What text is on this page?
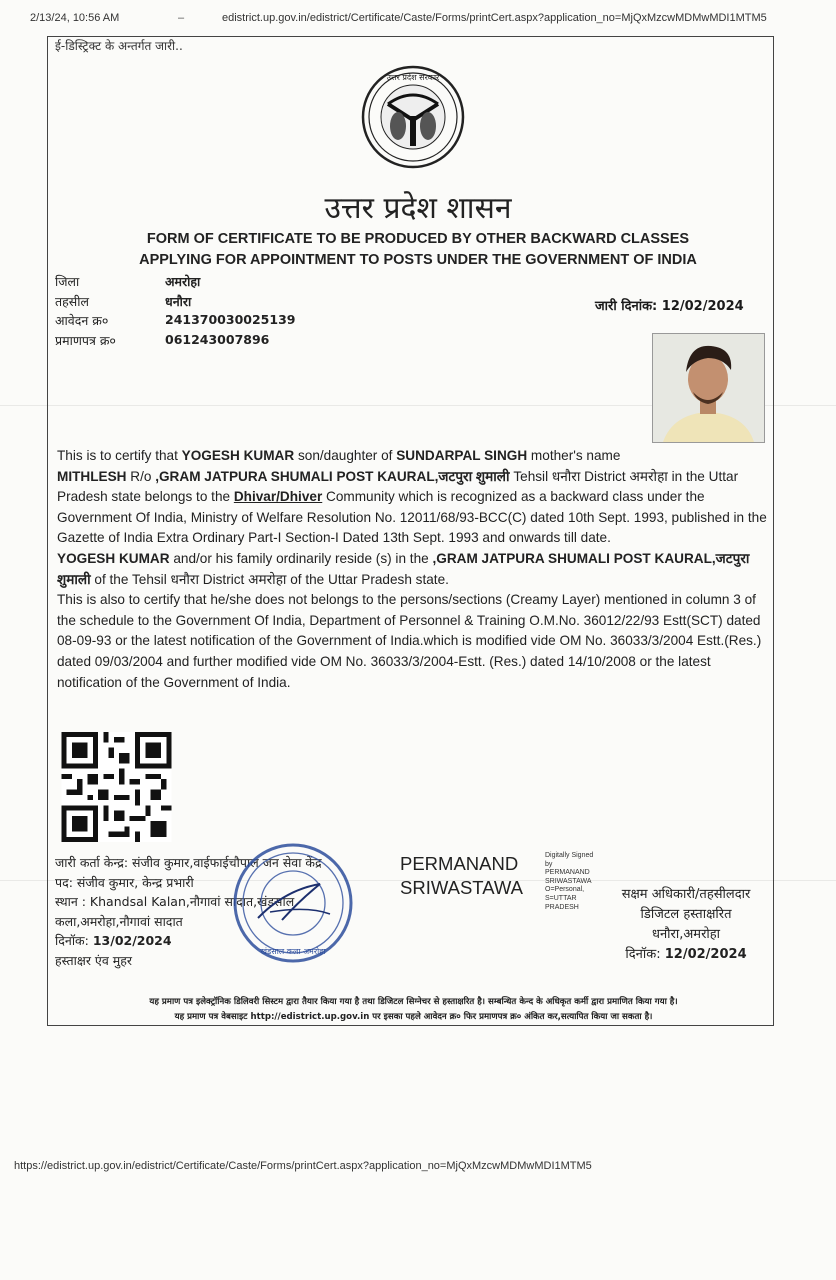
2/13/24, 10:56 AM	–	edistrict.up.gov.in/edistrict/Certificate/Caste/Forms/printCert.aspx?application_no=MjQxMzcwMDMwMDI1MTM5
ई-डिस्ट्रिक्ट के अन्तर्गत जारी..
उत्तर प्रदेश सरकार
उत्तर प्रदेश शासन
FORM OF CERTIFICATE TO BE PRODUCED BY OTHER BACKWARD CLASSES
APPLYING FOR APPOINTMENT TO POSTS UNDER THE GOVERNMENT OF INDIA
जिला	अमरोहा
तहसील	धनौरा
आवेदन क्र०	241370030025139
प्रमाणपत्र क्र०	061243007896
जारी दिनांक: 12/02/2024
This is to certify that YOGESH KUMAR son/daughter of SUNDARPAL SINGH mother's name
MITHLESH R/o ,GRAM JATPURA SHUMALI POST KAURAL,जटपुरा शुमाली Tehsil धनौरा District अमरोहा in the Uttar Pradesh state belongs to the Dhivar/Dhiver Community which is recognized as a backward class under the Government Of India, Ministry of Welfare Resolution No. 12011/68/93-BCC(C) dated 10th Sept. 1993, published in the Gazette of India Extra Ordinary Part-I Section-I Dated 13th Sept. 1993 and onwards till date.
YOGESH KUMAR and/or his family ordinarily reside (s) in the ,GRAM JATPURA SHUMALI POST KAURAL,जटपुरा शुमाली of the Tehsil धनौरा District अमरोहा of the Uttar Pradesh state.
This is also to certify that he/she does not belongs to the persons/sections (Creamy Layer) mentioned in column 3 of the schedule to the Government Of India, Department of Personnel & Training O.M.No. 36012/22/93 Estt(SCT) dated 08-09-93 or the latest notification of the Government of India.which is modified vide OM No. 36033/3/2004 Estt.(Res.) dated 09/03/2004 and further modified vide OM No. 36033/3/2004-Estt. (Res.) dated 14/10/2008 or the latest notification of the Government of India.
जारी कर्ता केन्द्र: संजीव कुमार,वाईफाईचौपाल जन सेवा केंद्र
पद: संजीव कुमार, केन्द्र प्रभारी
स्थान : Khandsal Kalan,नौगावां सादात,खंडसाल
कला,अमरोहा,नौगावां सादात
दिनॉक: 13/02/2024
हस्ताक्षर एंव मुहर
खंडसाल कला अमरोहा
PERMANAND
SRIWASTAWA
Digitally Signed
by
PERMANAND
SRIWASTAWA
O=Personal,
S=UTTAR
PRADESH
सक्षम अधिकारी/तहसीलदार
डिजिटल हस्ताक्षरित
धनौरा,अमरोहा
दिनॉक: 12/02/2024
यह प्रमाण पत्र इलेक्ट्रॉनिक डिलिवरी सिस्टम द्वारा तैयार किया गया है तथा डिजिटल सिग्नेचर से हस्ताक्षरित है। सम्बन्धित केन्द के अधिकृत कर्मी द्वारा प्रमाणित किया गया है।
यह प्रमाण पत्र वेबसाइट http://edistrict.up.gov.in पर इसका पहले आवेदन क्र० फिर प्रमाणपत्र क्र० अंकित कर,सत्यापित किया जा सकता है।
https://edistrict.up.gov.in/edistrict/Certificate/Caste/Forms/printCert.aspx?application_no=MjQxMzcwMDMwMDI1MTM5
